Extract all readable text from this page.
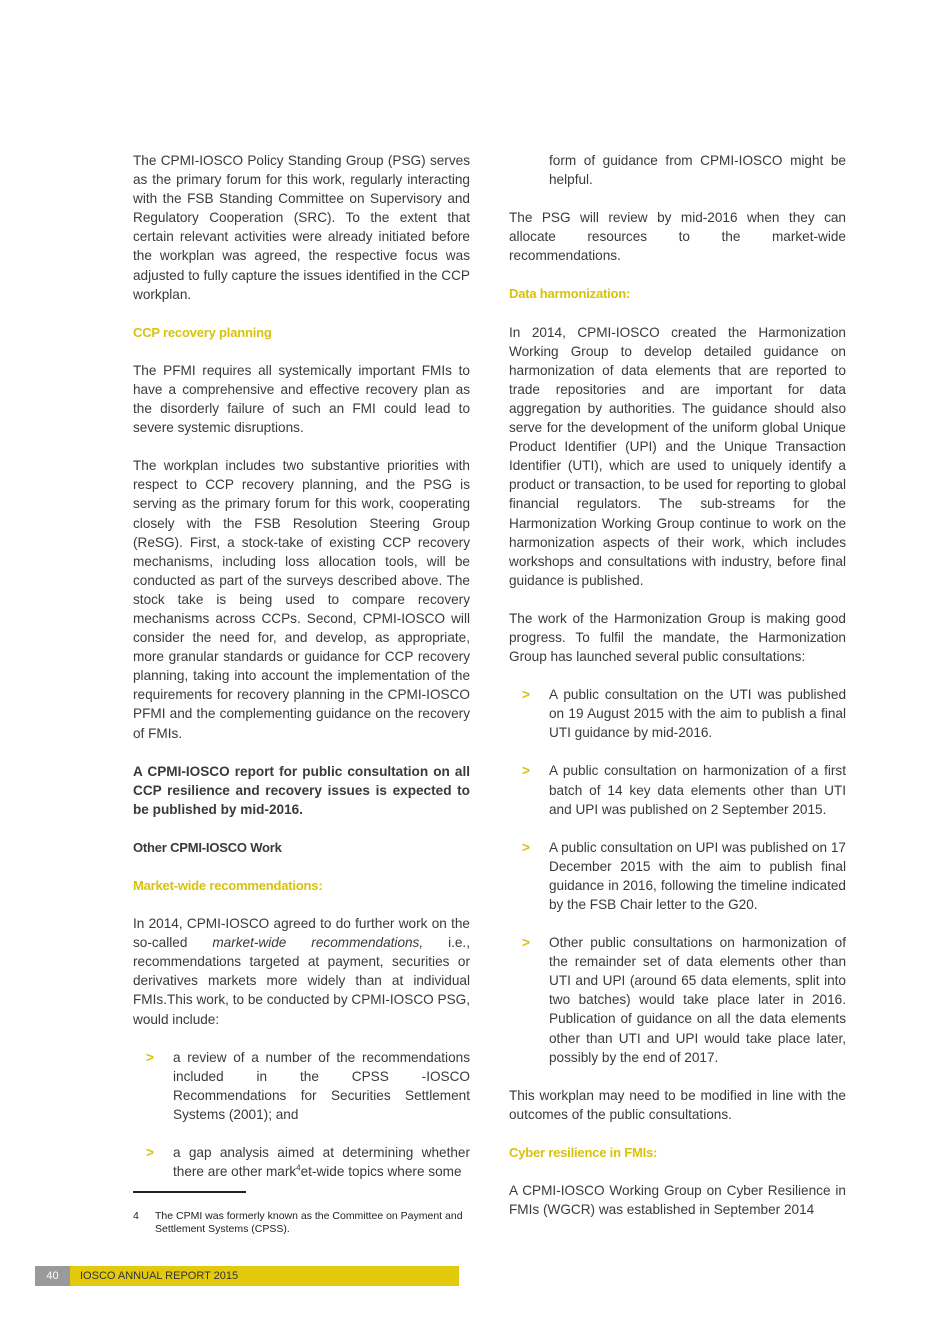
The CPMI-IOSCO Policy Standing Group (PSG) serves as the primary forum for this work, regularly interacting with the FSB Standing Committee on Supervisory and Regulatory Cooperation (SRC). To the extent that certain relevant activities were already initiated before the workplan was agreed, the respective focus was adjusted to fully capture the issues identified in the CCP workplan.

CCP recovery planning

The PFMI requires all systemically important FMIs to have a comprehensive and effective recovery plan as the disorderly failure of such an FMI could lead to severe systemic disruptions.

The workplan includes two substantive priorities with respect to CCP recovery planning, and the PSG is serving as the primary forum for this work, cooperating closely with the FSB Resolution Steering Group (ReSG). First, a stock-take of existing CCP recovery mechanisms, including loss allocation tools, will be conducted as part of the surveys described above. The stock take is being used to compare recovery mechanisms across CCPs. Second, CPMI-IOSCO will consider the need for, and develop, as appropriate, more granular standards or guidance for CCP recovery planning, taking into account the implementation of the requirements for recovery planning in the CPMI-IOSCO PFMI and the complementing guidance on the recovery of FMIs.

A CPMI-IOSCO report for public consultation on all CCP resilience and recovery issues is expected to be published by mid-2016.

Other CPMI-IOSCO Work
Market-wide recommendations:

In 2014, CPMI-IOSCO agreed to do further work on the so-called market-wide recommendations, i.e., recommendations targeted at payment, securities or derivatives markets more widely than at individual FMIs.This work, to be conducted by CPMI-IOSCO PSG, would include:

> a review of a number of the recommendations included in the CPSS -IOSCO Recommendations for Securities Settlement Systems (2001); and
> a gap analysis aimed at determining whether there are other mark$^4$et-wide topics where some

form of guidance from CPMI-IOSCO might be helpful.

The PSG will review by mid-2016 when they can allocate resources to the market-wide recommendations.

Data harmonization:

In 2014, CPMI-IOSCO created the Harmonization Working Group to develop detailed guidance on harmonization of data elements that are reported to trade repositories and are important for data aggregation by authorities. The guidance should also serve for the development of the uniform global Unique Product Identifier (UPI) and the Unique Transaction Identifier (UTI), which are used to uniquely identify a product or transaction, to be used for reporting to global financial regulators. The sub-streams for the Harmonization Working Group continue to work on the harmonization aspects of their work, which includes workshops and consultations with industry, before final guidance is published.

The work of the Harmonization Group is making good progress. To fulfil the mandate, the Harmonization Group has launched several public consultations:

> A public consultation on the UTI was published on 19 August 2015 with the aim to publish a final UTI guidance by mid-2016.
> A public consultation on harmonization of a first batch of 14 key data elements other than UTI and UPI was published on 2 September 2015.
> A public consultation on UPI was published on 17 December 2015 with the aim to publish final guidance in 2016, following the timeline indicated by the FSB Chair letter to the G20.
> Other public consultations on harmonization of the remainder set of data elements other than UTI and UPI (around 65 data elements, split into two batches) would take place later in 2016. Publication of guidance on all the data elements other than UTI and UPI would take place later, possibly by the end of 2017.

This workplan may need to be modified in line with the outcomes of the public consultations.

Cyber resilience in FMIs:

A CPMI-IOSCO Working Group on Cyber Resilience in FMIs (WGCR) was established in September 2014

4	The CPMI was formerly known as the Committee on Payment and Settlement Systems (CPSS).
40	IOSCO ANNUAL REPORT 2015
